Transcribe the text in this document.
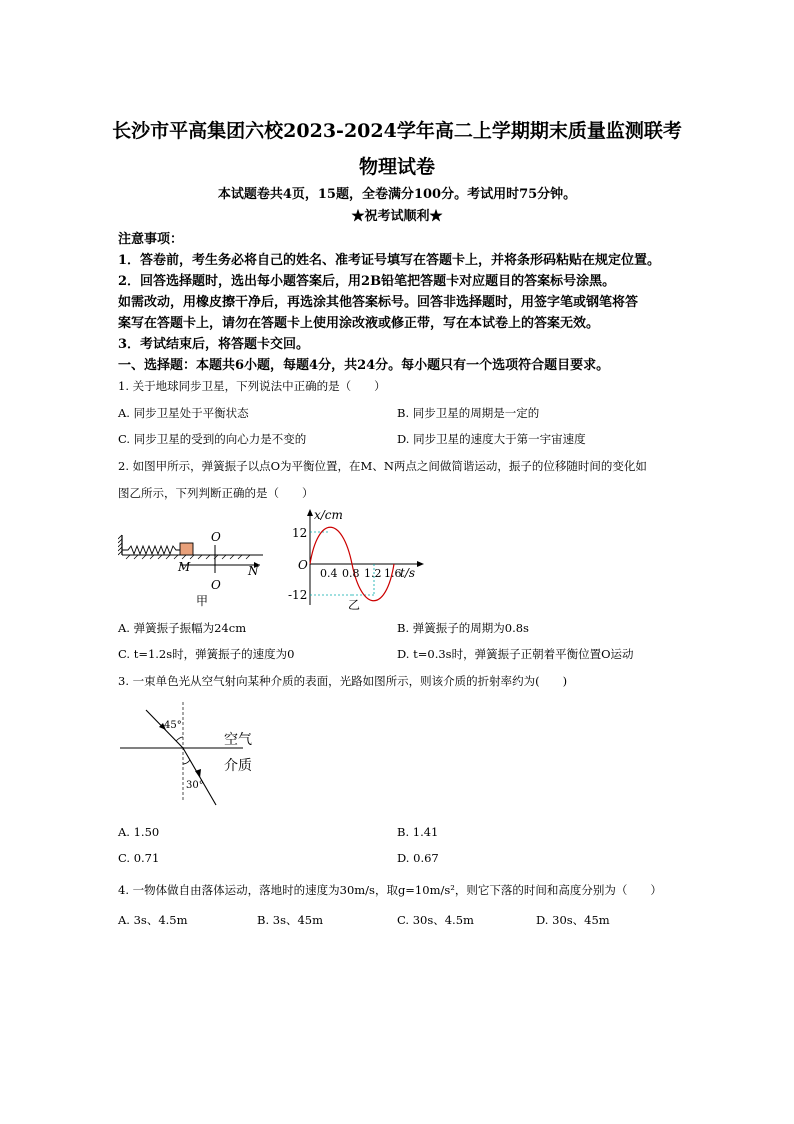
长沙市平高集团六校2023-2024学年高二上学期期末质量监测联考
物理试卷
本试题卷共4页，15题，全卷满分100分。考试用时75分钟。
★祝考试顺利★
注意事项：
1．答卷前，考生务必将自己的姓名、准考证号填写在答题卡上，并将条形码粘贴在规定位置。
2．回答选择题时，选出每小题答案后，用2B铅笔把答题卡对应题目的答案标号涂黑。
如需改动，用橡皮擦干净后，再选涂其他答案标号。回答非选择题时，用签字笔或钢笔将答
案写在答题卡上，请勿在答题卡上使用涂改液或修正带，写在本试卷上的答案无效。
3．考试结束后，将答题卡交回。
一、选择题：本题共6小题，每题4分，共24分。每小题只有一个选项符合题目要求。
1. 关于地球同步卫星，下列说法中正确的是（　　）
A. 同步卫星处于平衡状态	B. 同步卫星的周期是一定的
C. 同步卫星的受到的向心力是不变的	D. 同步卫星的速度大于第一宇宙速度
2. 如图甲所示，弹簧振子以点O为平衡位置，在M、N两点之间做简谐运动，振子的位移随时间的变化如
图乙所示，下列判断正确的是（　　）
O
M	N
O
甲
x/cm
t/s
12
-12
O
0.4 0.8 1.2 1.6
乙
A. 弹簧振子振幅为24cm	B. 弹簧振子的周期为0.8s
C. t=1.2s时，弹簧振子的速度为0	D. t=0.3s时，弹簧振子正朝着平衡位置O运动
3. 一束单色光从空气射向某种介质的表面，光路如图所示，则该介质的折射率约为(　　)
45°
30°
空气
介质
A. 1.50	B. 1.41
C. 0.71	D. 0.67
4. 一物体做自由落体运动，落地时的速度为30m/s，取g=10m/s²，则它下落的时间和高度分别为（　　）
A. 3s、4.5m	B. 3s、45m	C. 30s、4.5m	D. 30s、45m
